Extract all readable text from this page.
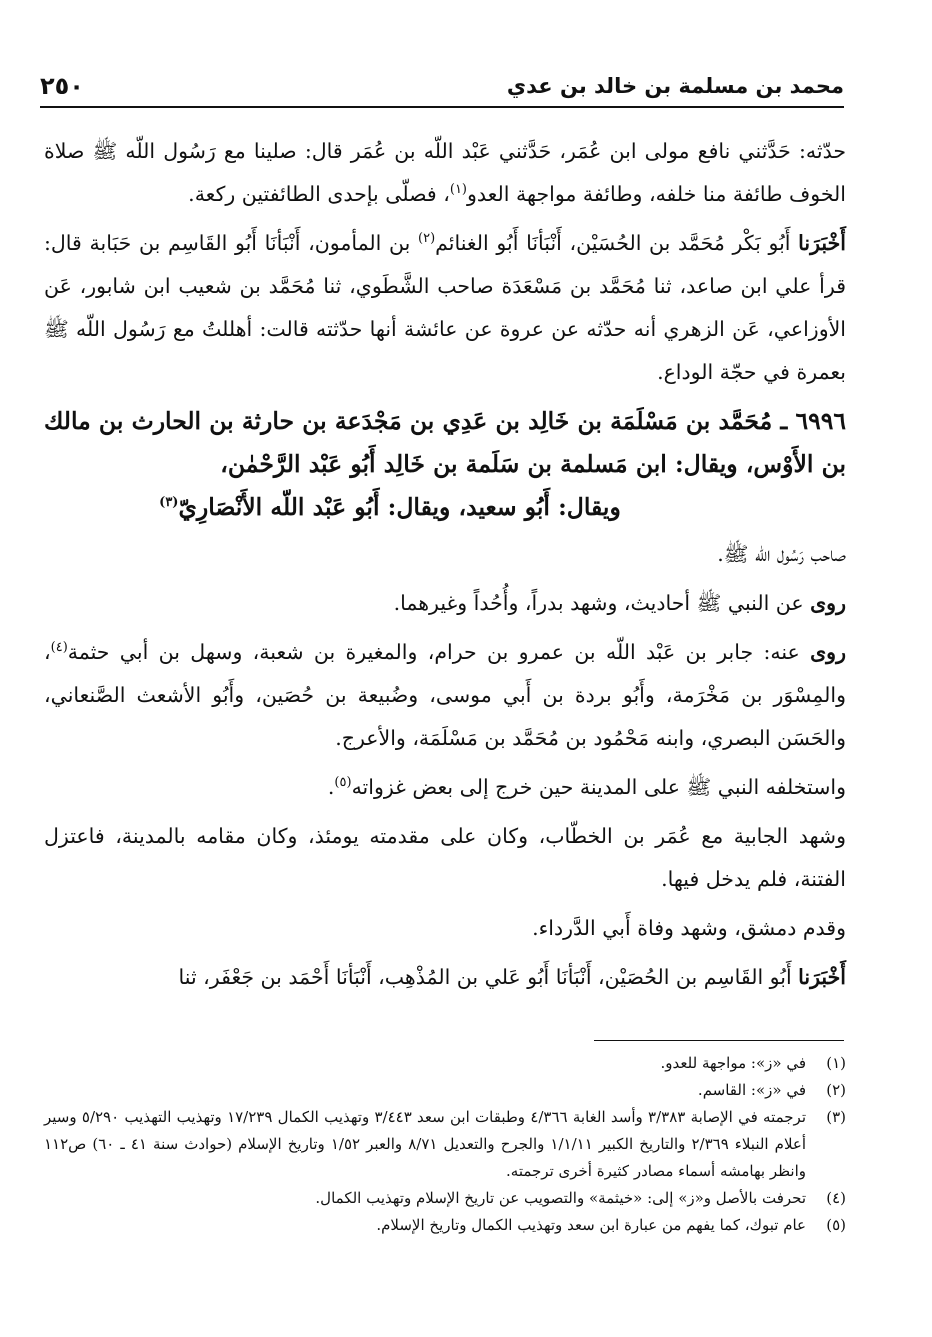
٢٥٠	محمد بن مسلمة بن خالد بن عدي

حدّثه: حَدَّثني نافع مولى ابن عُمَر، حَدَّثني عَبْد اللّه بن عُمَر قال: صلينا مع رَسُول اللّه ﷺ صلاة الخوف طائفة منا خلفه، وطائفة مواجهة العدو$^{(١)}$، فصلّى بإحدى الطائفتين ركعة.

أَخْبَرَنا أَبُو بَكْر مُحَمَّد بن الحُسَيْن، أَنْبَأنَا أَبُو الغنائم$^{(٢)}$ بن المأمون، أَنْبَأنَا أَبُو القَاسِم بن حَبَابة قال: قرأ علي ابن صاعد، ثنا مُحَمَّد بن مَسْعَدَة صاحب الشَّطَوي، ثنا مُحَمَّد بن شعيب ابن شابور، عَن الأوزاعي، عَن الزهري أنه حدّثه عن عروة عن عائشة أنها حدّثته قالت: أهللتُ مع رَسُول اللّه ﷺ بعمرة في حجّة الوداع.

٦٩٩٦ ـ مُحَمَّد بن مَسْلَمَة بن خَالِد بن عَدِي بن مَجْدَعة بن حارثة بن الحارث بن مالك بن الأَوْس، ويقال: ابن مَسلمة بن سَلَمة بن خَالِد أَبُو عَبْد الرَّحْمٰن،
ويقال: أَبُو سعيد، ويقال: أَبُو عَبْد اللّه الأَنْصَارِيّ$^{(٣)}$

صاحب رَسُول اللّه ﷺ.

روى عن النبي ﷺ أحاديث، وشهد بدراً، وأُحُداً وغيرهما.

روى عنه: جابر بن عَبْد اللّه بن عمرو بن حرام، والمغيرة بن شعبة، وسهل بن أبي حثمة$^{(٤)}$، والمِسْوَر بن مَخْرَمة، وأَبُو بردة بن أَبي موسى، وضُبيعة بن حُصَين، وأَبُو الأشعث الصَّنعاني، والحَسَن البصري، وابنه مَحْمُود بن مُحَمَّد بن مَسْلَمَة، والأعرج.

واستخلفه النبي ﷺ على المدينة حين خرج إلى بعض غزواته$^{(٥)}$.

وشهد الجابية مع عُمَر بن الخطّاب، وكان على مقدمته يومئذ، وكان مقامه بالمدينة، فاعتزل الفتنة، فلم يدخل فيها.

وقدم دمشق، وشهد وفاة أَبي الدَّرداء.

أَخْبَرَنا أَبُو القَاسِم بن الحُصَيْن، أَنْبَأنَا أَبُو عَلي بن المُذْهِب، أَنْبَأنَا أَحْمَد بن جَعْفَر، ثنا

(١)
في «ز»: مواجهة للعدو.
(٢)
في «ز»: القاسم.
(٣)
ترجمته في الإصابة ٣/٣٨٣ وأسد الغابة ٤/٣٦٦ وطبقات ابن سعد ٣/٤٤٣ وتهذيب الكمال ١٧/٢٣٩ وتهذيب التهذيب ٥/٢٩٠ وسير أعلام النبلاء ٢/٣٦٩ والتاريخ الكبير ١/١/١١ والجرح والتعديل ٨/٧١ والعبر ١/٥٢ وتاريخ الإسلام (حوادث سنة ٤١ ـ ٦٠) ص١١٢ وانظر بهامشه أسماء مصادر كثيرة أخرى ترجمته.
(٤)
تحرفت بالأصل و«ز» إلى: «خيثمة» والتصويب عن تاريخ الإسلام وتهذيب الكمال.
(٥)
عام تبوك، كما يفهم من عبارة ابن سعد وتهذيب الكمال وتاريخ الإسلام.
